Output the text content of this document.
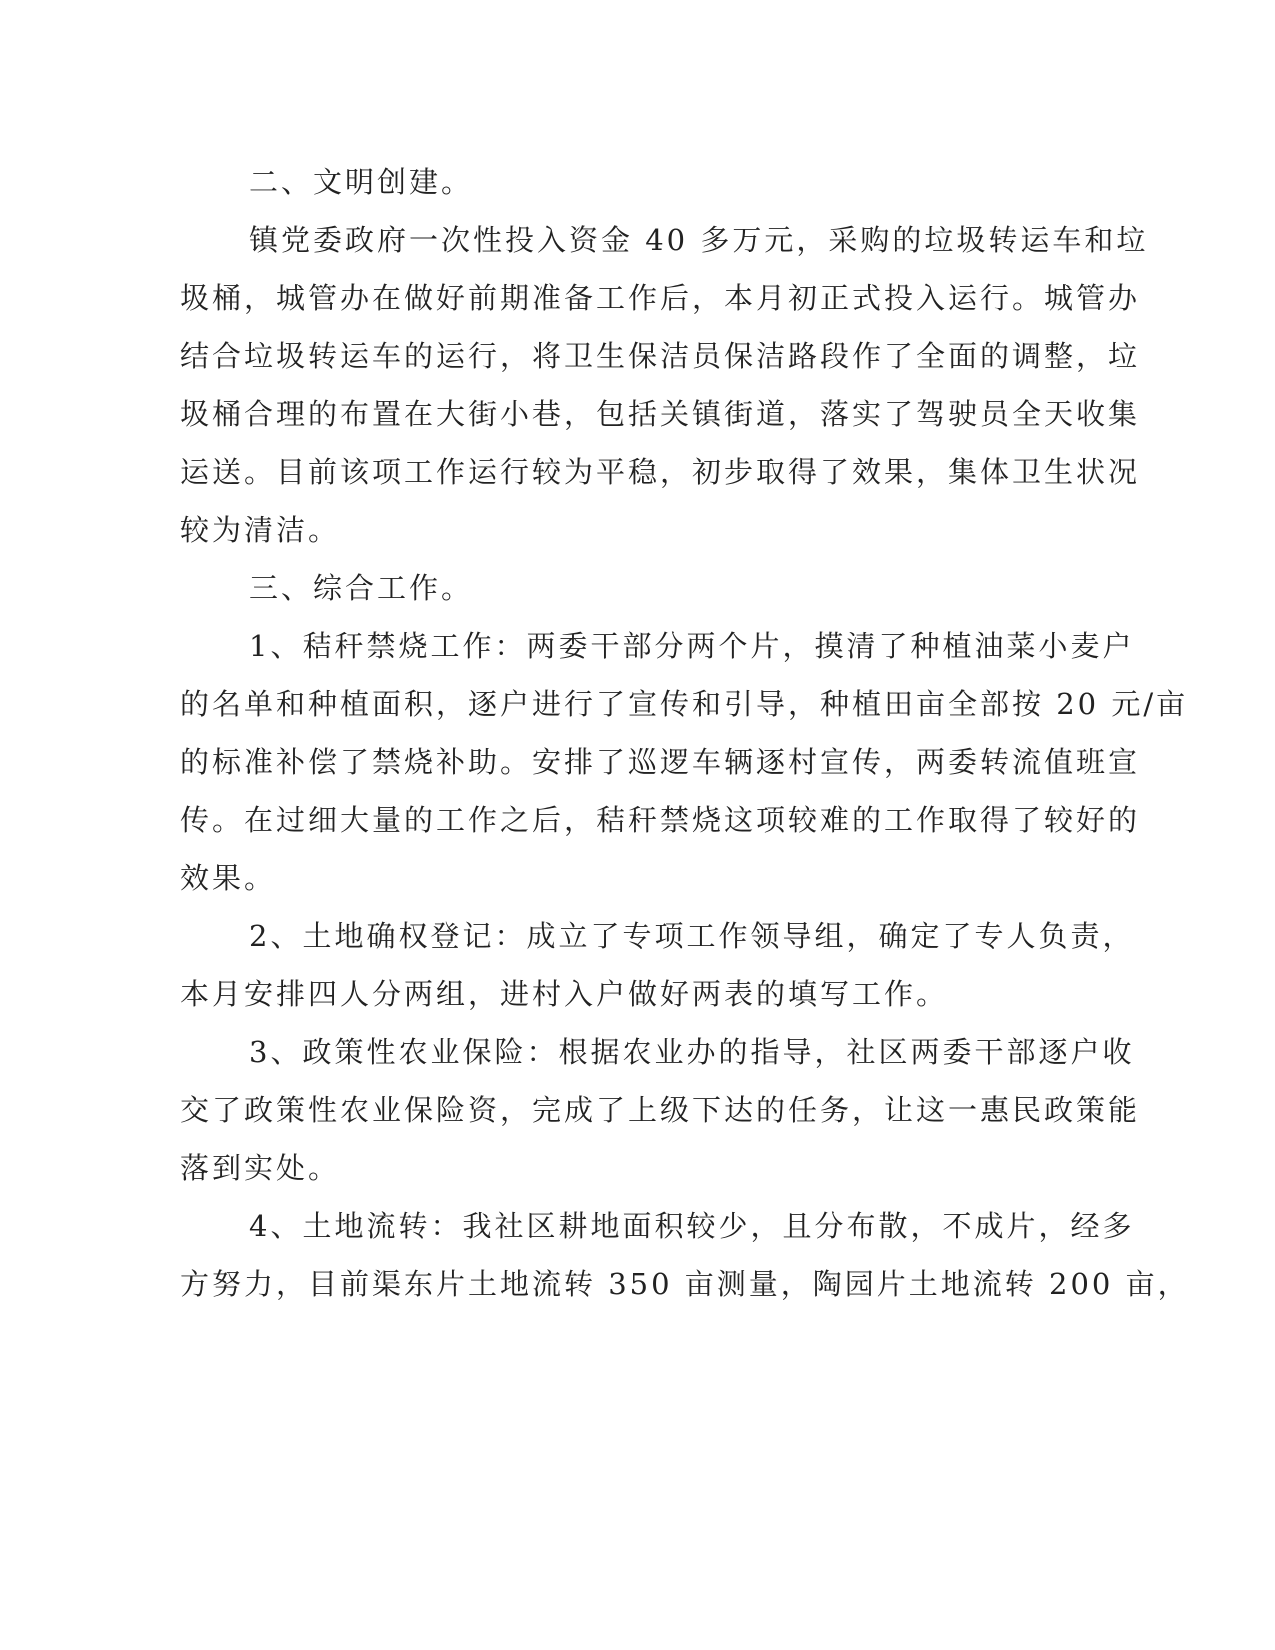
二、文明创建。
镇党委政府一次性投入资金 40 多万元，采购的垃圾转运车和垃
圾桶，城管办在做好前期准备工作后，本月初正式投入运行。城管办
结合垃圾转运车的运行，将卫生保洁员保洁路段作了全面的调整，垃
圾桶合理的布置在大街小巷，包括关镇街道，落实了驾驶员全天收集
运送。目前该项工作运行较为平稳，初步取得了效果，集体卫生状况
较为清洁。
三、综合工作。
1、秸秆禁烧工作：两委干部分两个片，摸清了种植油菜小麦户
的名单和种植面积，逐户进行了宣传和引导，种植田亩全部按 20 元/亩
的标准补偿了禁烧补助。安排了巡逻车辆逐村宣传，两委转流值班宣
传。在过细大量的工作之后，秸秆禁烧这项较难的工作取得了较好的
效果。
2、土地确权登记：成立了专项工作领导组，确定了专人负责，
本月安排四人分两组，进村入户做好两表的填写工作。
3、政策性农业保险：根据农业办的指导，社区两委干部逐户收
交了政策性农业保险资，完成了上级下达的任务，让这一惠民政策能
落到实处。
4、土地流转：我社区耕地面积较少，且分布散，不成片，经多
方努力，目前渠东片土地流转 350 亩测量，陶园片土地流转 200 亩，
